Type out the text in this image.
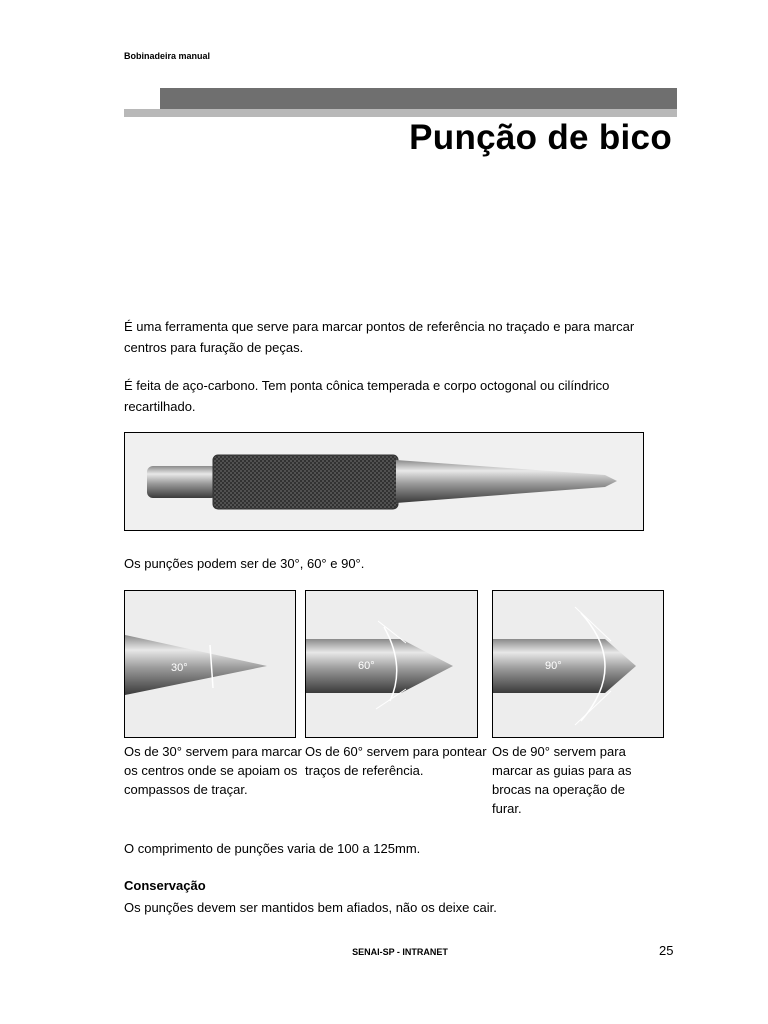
Bobinadeira manual
Punção de bico
É uma ferramenta que serve para marcar pontos de referência no traçado e para marcar centros para furação de peças.
É feita de aço-carbono. Tem ponta cônica temperada e corpo octogonal ou cilíndrico recartilhado.
Os punções podem ser de 30°, 60° e 90°.
30°	60°	90°
Os de 30° servem para marcar os centros onde se apoiam os compassos de traçar.
Os de 60° servem para pontear traços de referência.
Os de 90° servem para marcar as guias para as brocas na operação de furar.
O comprimento de punções varia de 100 a 125mm.
Conservação
Os punções devem ser mantidos bem afiados, não os deixe cair.
SENAI-SP - INTRANET	25
